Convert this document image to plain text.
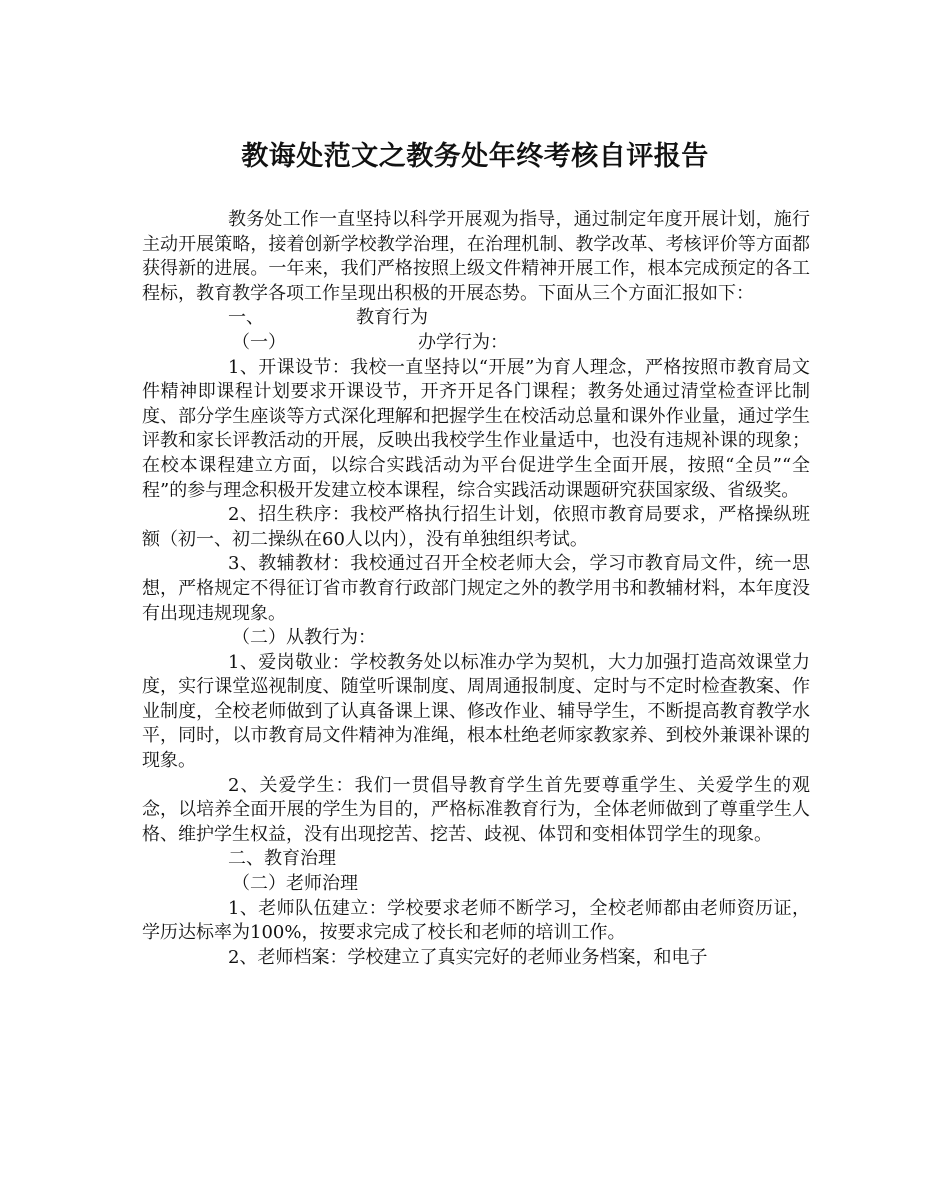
教诲处范文之教务处年终考核自评报告

教务处工作一直坚持以科学开展观为指导，通过制定年度开展计划，施行主动开展策略，接着创新学校教学治理，在治理机制、教学改革、考核评价等方面都获得新的进展。一年来，我们严格按照上级文件精神开展工作，根本完成预定的各工程标，教育教学各项工作呈现出积极的开展态势。下面从三个方面汇报如下：

一、	教育行为

（一）	办学行为：

1、开课设节：我校一直坚持以“开展”为育人理念，严格按照市教育局文件精神即课程计划要求开课设节，开齐开足各门课程；教务处通过清堂检查评比制度、部分学生座谈等方式深化理解和把握学生在校活动总量和课外作业量，通过学生评教和家长评教活动的开展，反映出我校学生作业量适中，也没有违规补课的现象；在校本课程建立方面，以综合实践活动为平台促进学生全面开展，按照“全员”“全程”的参与理念积极开发建立校本课程，综合实践活动课题研究获国家级、省级奖。

2、招生秩序：我校严格执行招生计划，依照市教育局要求，严格操纵班额（初一、初二操纵在60人以内），没有单独组织考试。

3、教辅教材：我校通过召开全校老师大会，学习市教育局文件，统一思想，严格规定不得征订省市教育行政部门规定之外的教学用书和教辅材料，本年度没有出现违规现象。

（二）从教行为：

1、爱岗敬业：学校教务处以标准办学为契机，大力加强打造高效课堂力度，实行课堂巡视制度、随堂听课制度、周周通报制度、定时与不定时检查教案、作业制度，全校老师做到了认真备课上课、修改作业、辅导学生，不断提高教育教学水平，同时，以市教育局文件精神为准绳，根本杜绝老师家教家养、到校外兼课补课的现象。

2、关爱学生：我们一贯倡导教育学生首先要尊重学生、关爱学生的观念，以培养全面开展的学生为目的，严格标准教育行为，全体老师做到了尊重学生人格、维护学生权益，没有出现挖苦、挖苦、歧视、体罚和变相体罚学生的现象。

二、教育治理

（二）老师治理

1、老师队伍建立：学校要求老师不断学习，全校老师都由老师资历证，学历达标率为100%，按要求完成了校长和老师的培训工作。

2、老师档案：学校建立了真实完好的老师业务档案，和电子
